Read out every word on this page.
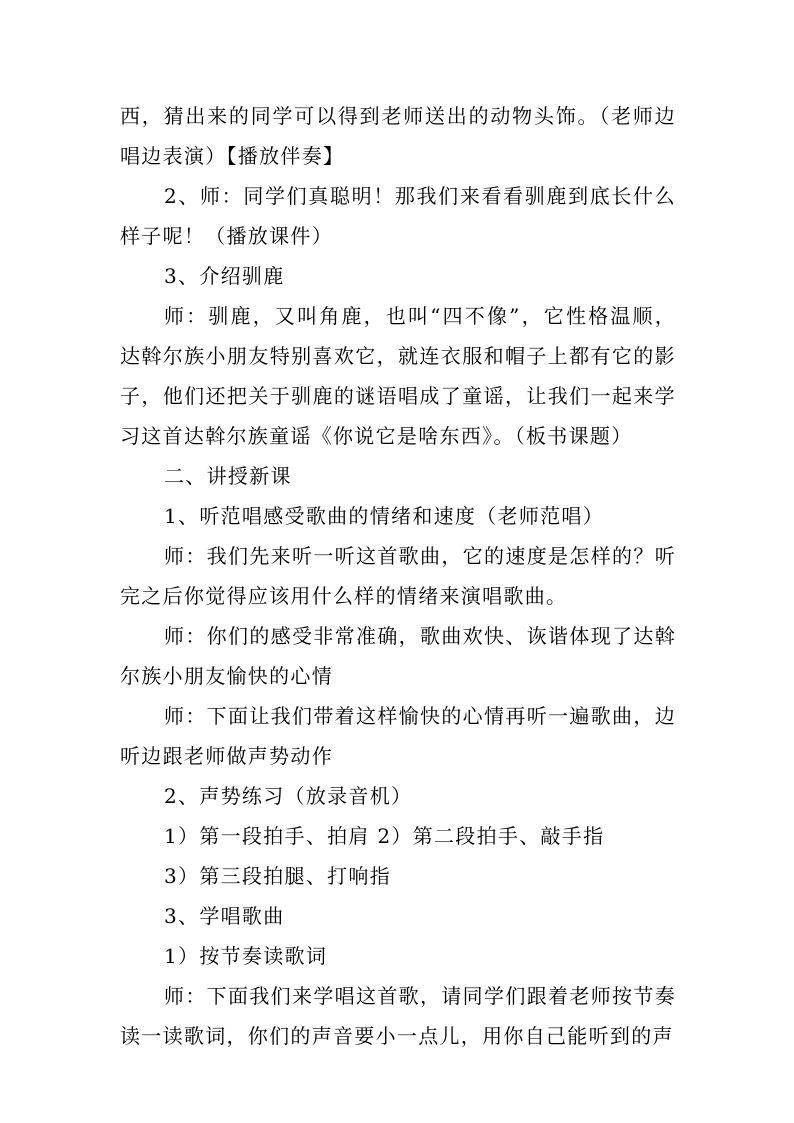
西，猜出来的同学可以得到老师送出的动物头饰。（老师边唱边表演）【播放伴奏】

2、师：同学们真聪明！那我们来看看驯鹿到底长什么样子呢！（播放课件）

3、介绍驯鹿

师：驯鹿，又叫角鹿，也叫“四不像”，它性格温顺，达斡尔族小朋友特别喜欢它，就连衣服和帽子上都有它的影子，他们还把关于驯鹿的谜语唱成了童谣，让我们一起来学习这首达斡尔族童谣《你说它是啥东西》。（板书课题）

二、讲授新课

1、听范唱感受歌曲的情绪和速度（老师范唱）

师：我们先来听一听这首歌曲，它的速度是怎样的？听完之后你觉得应该用什么样的情绪来演唱歌曲。

师：你们的感受非常准确，歌曲欢快、诙谐体现了达斡尔族小朋友愉快的心情

师：下面让我们带着这样愉快的心情再听一遍歌曲，边听边跟老师做声势动作

2、声势练习（放录音机）

1）第一段拍手、拍肩 2）第二段拍手、敲手指

3）第三段拍腿、打响指

3、学唱歌曲

1）按节奏读歌词

师：下面我们来学唱这首歌，请同学们跟着老师按节奏读一读歌词，你们的声音要小一点儿，用你自己能听到的声
